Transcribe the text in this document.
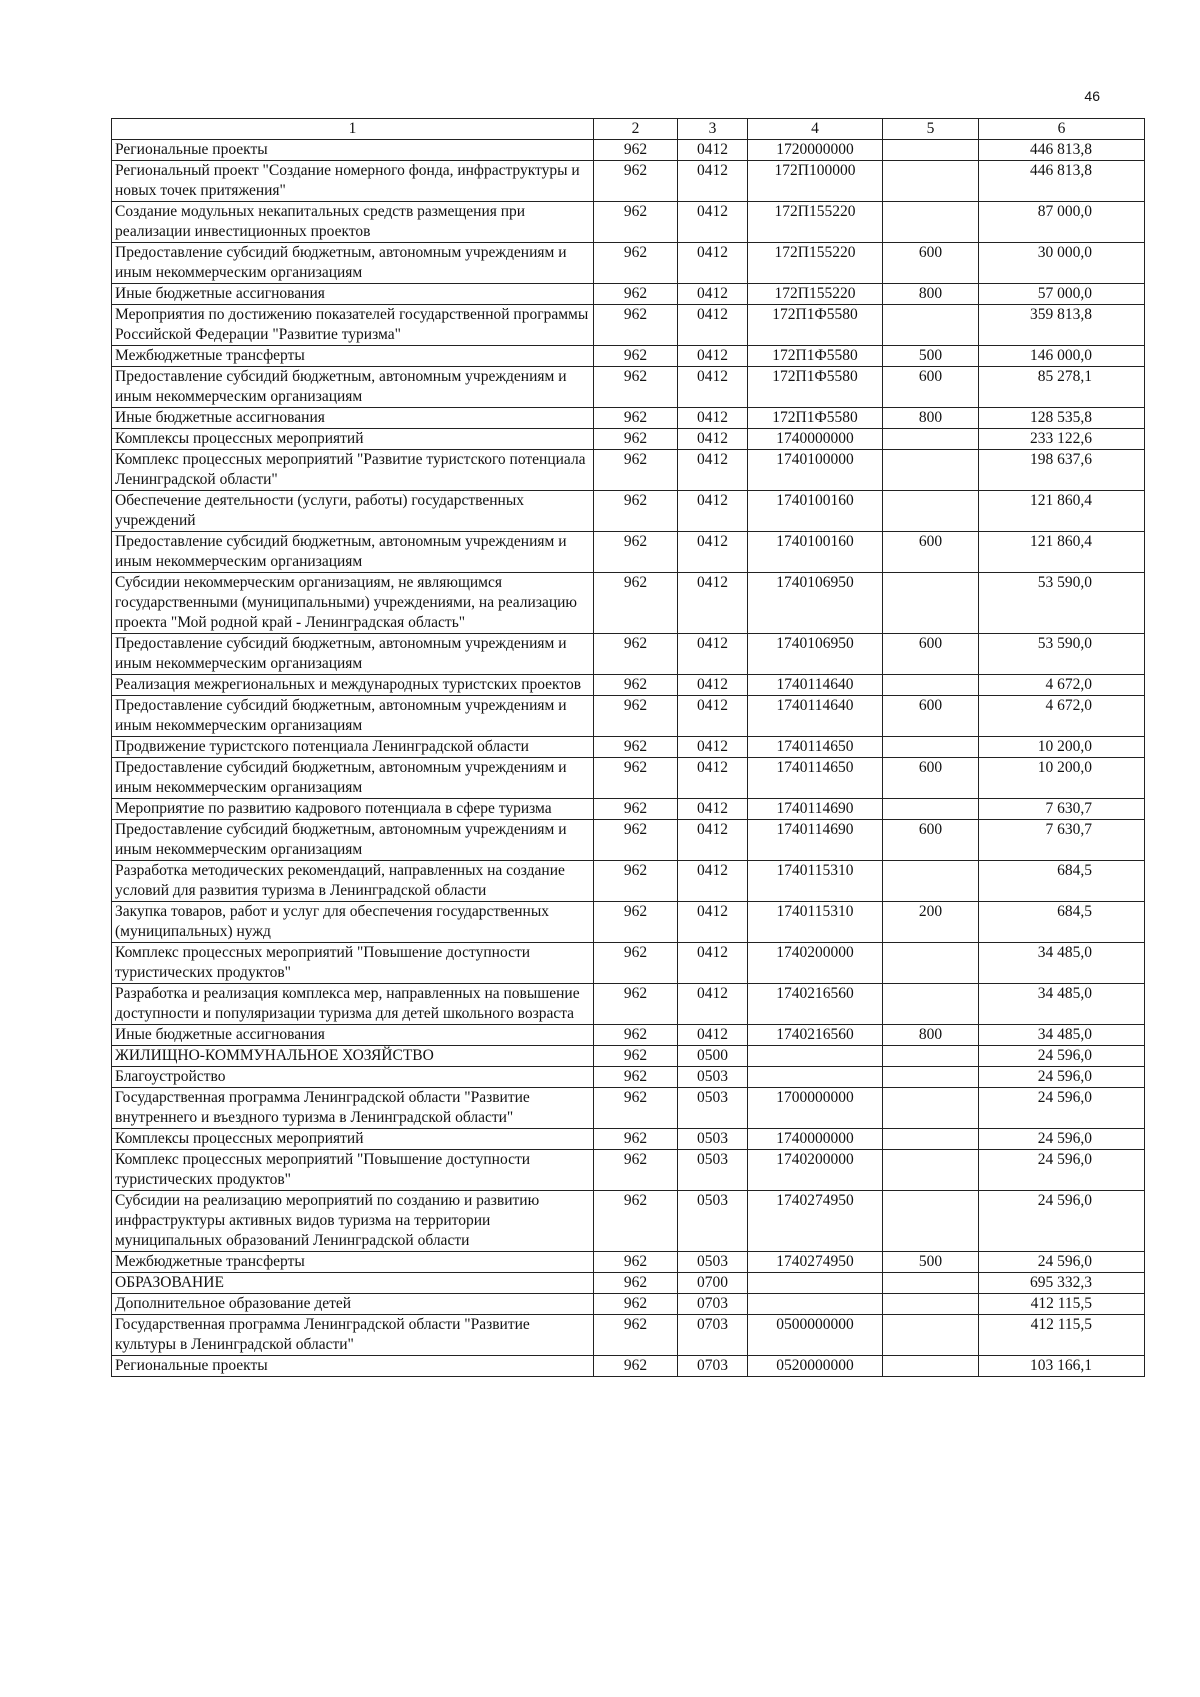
46
1	2	3	4	5	6
Региональные проекты	962	0412	1720000000		446 813,8
Региональный проект "Создание номерного фонда, инфраструктуры и новых точек притяжения"	962	0412	172П100000		446 813,8
Создание модульных некапитальных средств размещения при реализации инвестиционных проектов	962	0412	172П155220		87 000,0
Предоставление субсидий бюджетным, автономным учреждениям и иным некоммерческим организациям	962	0412	172П155220	600	30 000,0
Иные бюджетные ассигнования	962	0412	172П155220	800	57 000,0
Мероприятия по достижению показателей государственной программы Российской Федерации "Развитие туризма"	962	0412	172П1Ф5580		359 813,8
Межбюджетные трансферты	962	0412	172П1Ф5580	500	146 000,0
Предоставление субсидий бюджетным, автономным учреждениям и иным некоммерческим организациям	962	0412	172П1Ф5580	600	85 278,1
Иные бюджетные ассигнования	962	0412	172П1Ф5580	800	128 535,8
Комплексы процессных мероприятий	962	0412	1740000000		233 122,6
Комплекс процессных мероприятий "Развитие туристского потенциала Ленинградской области"	962	0412	1740100000		198 637,6
Обеспечение деятельности (услуги, работы) государственных учреждений	962	0412	1740100160		121 860,4
Предоставление субсидий бюджетным, автономным учреждениям и иным некоммерческим организациям	962	0412	1740100160	600	121 860,4
Субсидии некоммерческим организациям, не являющимся государственными (муниципальными) учреждениями, на реализацию проекта "Мой родной край - Ленинградская область"	962	0412	1740106950		53 590,0
Предоставление субсидий бюджетным, автономным учреждениям и иным некоммерческим организациям	962	0412	1740106950	600	53 590,0
Реализация межрегиональных и международных туристских проектов	962	0412	1740114640		4 672,0
Предоставление субсидий бюджетным, автономным учреждениям и иным некоммерческим организациям	962	0412	1740114640	600	4 672,0
Продвижение туристского потенциала Ленинградской области	962	0412	1740114650		10 200,0
Предоставление субсидий бюджетным, автономным учреждениям и иным некоммерческим организациям	962	0412	1740114650	600	10 200,0
Мероприятие по развитию кадрового потенциала в сфере туризма	962	0412	1740114690		7 630,7
Предоставление субсидий бюджетным, автономным учреждениям и иным некоммерческим организациям	962	0412	1740114690	600	7 630,7
Разработка методических рекомендаций, направленных на создание условий для развития туризма в Ленинградской области	962	0412	1740115310		684,5
Закупка товаров, работ и услуг для обеспечения государственных (муниципальных) нужд	962	0412	1740115310	200	684,5
Комплекс процессных мероприятий "Повышение доступности туристических продуктов"	962	0412	1740200000		34 485,0
Разработка и реализация комплекса мер, направленных на повышение доступности и популяризации туризма для детей школьного возраста	962	0412	1740216560		34 485,0
Иные бюджетные ассигнования	962	0412	1740216560	800	34 485,0
ЖИЛИЩНО-КОММУНАЛЬНОЕ ХОЗЯЙСТВО	962	0500			24 596,0
Благоустройство	962	0503			24 596,0
Государственная программа Ленинградской области "Развитие внутреннего и въездного туризма в Ленинградской области"	962	0503	1700000000		24 596,0
Комплексы процессных мероприятий	962	0503	1740000000		24 596,0
Комплекс процессных мероприятий "Повышение доступности туристических продуктов"	962	0503	1740200000		24 596,0
Субсидии на реализацию мероприятий по созданию и развитию инфраструктуры активных видов туризма на территории муниципальных образований Ленинградской области	962	0503	1740274950		24 596,0
Межбюджетные трансферты	962	0503	1740274950	500	24 596,0
ОБРАЗОВАНИЕ	962	0700			695 332,3
Дополнительное образование детей	962	0703			412 115,5
Государственная программа Ленинградской области "Развитие культуры в Ленинградской области"	962	0703	0500000000		412 115,5
Региональные проекты	962	0703	0520000000		103 166,1
